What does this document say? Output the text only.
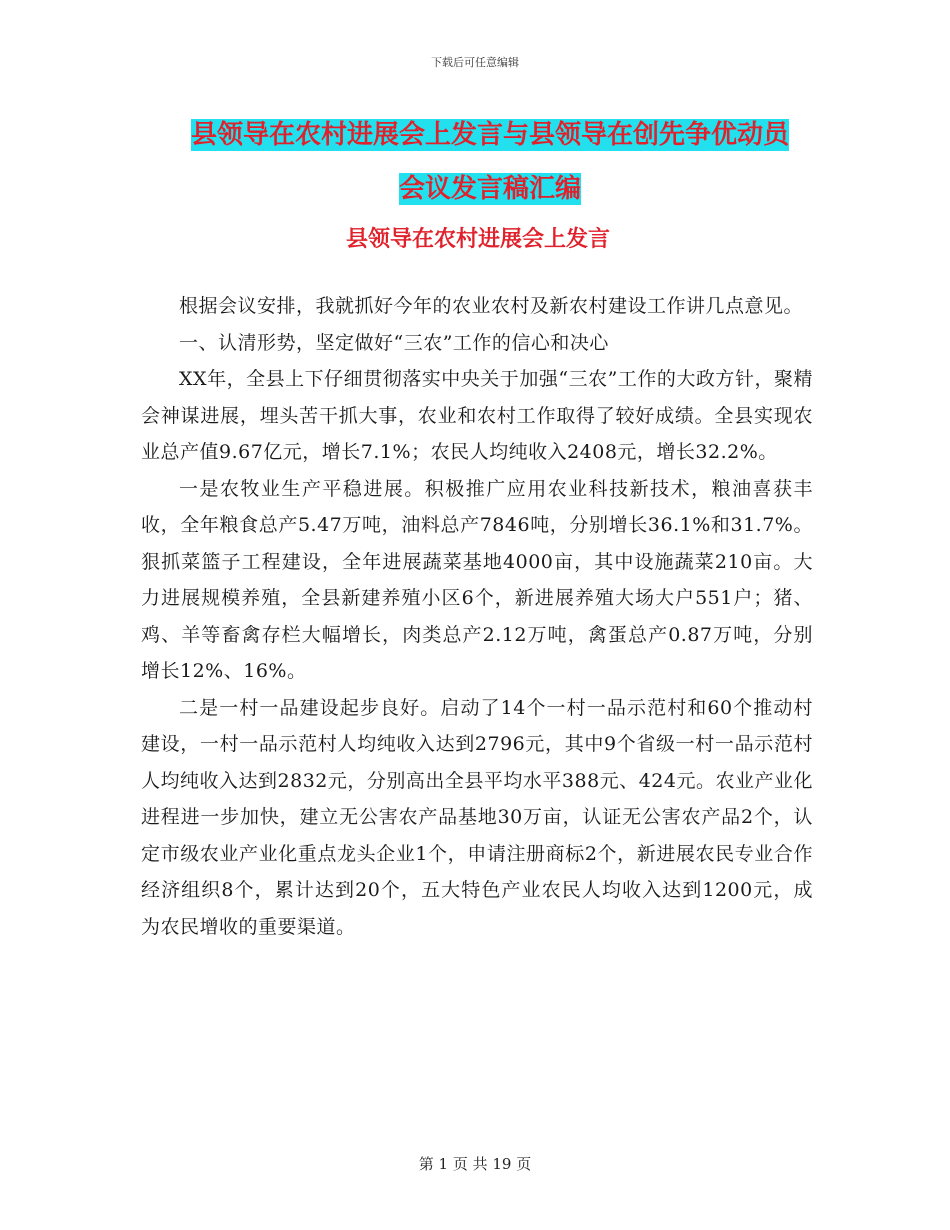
下载后可任意编辑
县领导在农村进展会上发言与县领导在创先争优动员
会议发言稿汇编
县领导在农村进展会上发言

根据会议安排，我就抓好今年的农业农村及新农村建设工作讲几点意见。

一、认清形势，坚定做好“三农”工作的信心和决心

XX年，全县上下仔细贯彻落实中央关于加强“三农”工作的大政方针，聚精会神谋进展，埋头苦干抓大事，农业和农村工作取得了较好成绩。全县实现农业总产值9.67亿元，增长7.1%；农民人均纯收入2408元，增长32.2%。

一是农牧业生产平稳进展。积极推广应用农业科技新技术，粮油喜获丰收，全年粮食总产5.47万吨，油料总产7846吨，分别增长36.1%和31.7%。狠抓菜篮子工程建设，全年进展蔬菜基地4000亩，其中设施蔬菜210亩。大力进展规模养殖，全县新建养殖小区6个，新进展养殖大场大户551户；猪、鸡、羊等畜禽存栏大幅增长，肉类总产2.12万吨，禽蛋总产0.87万吨，分别增长12%、16%。

二是一村一品建设起步良好。启动了14个一村一品示范村和60个推动村建设，一村一品示范村人均纯收入达到2796元，其中9个省级一村一品示范村人均纯收入达到2832元，分别高出全县平均水平388元、424元。农业产业化进程进一步加快，建立无公害农产品基地30万亩，认证无公害农产品2个，认定市级农业产业化重点龙头企业1个，申请注册商标2个，新进展农民专业合作经济组织8个，累计达到20个，五大特色产业农民人均收入达到1200元，成为农民增收的重要渠道。

第 1 页 共 19 页
